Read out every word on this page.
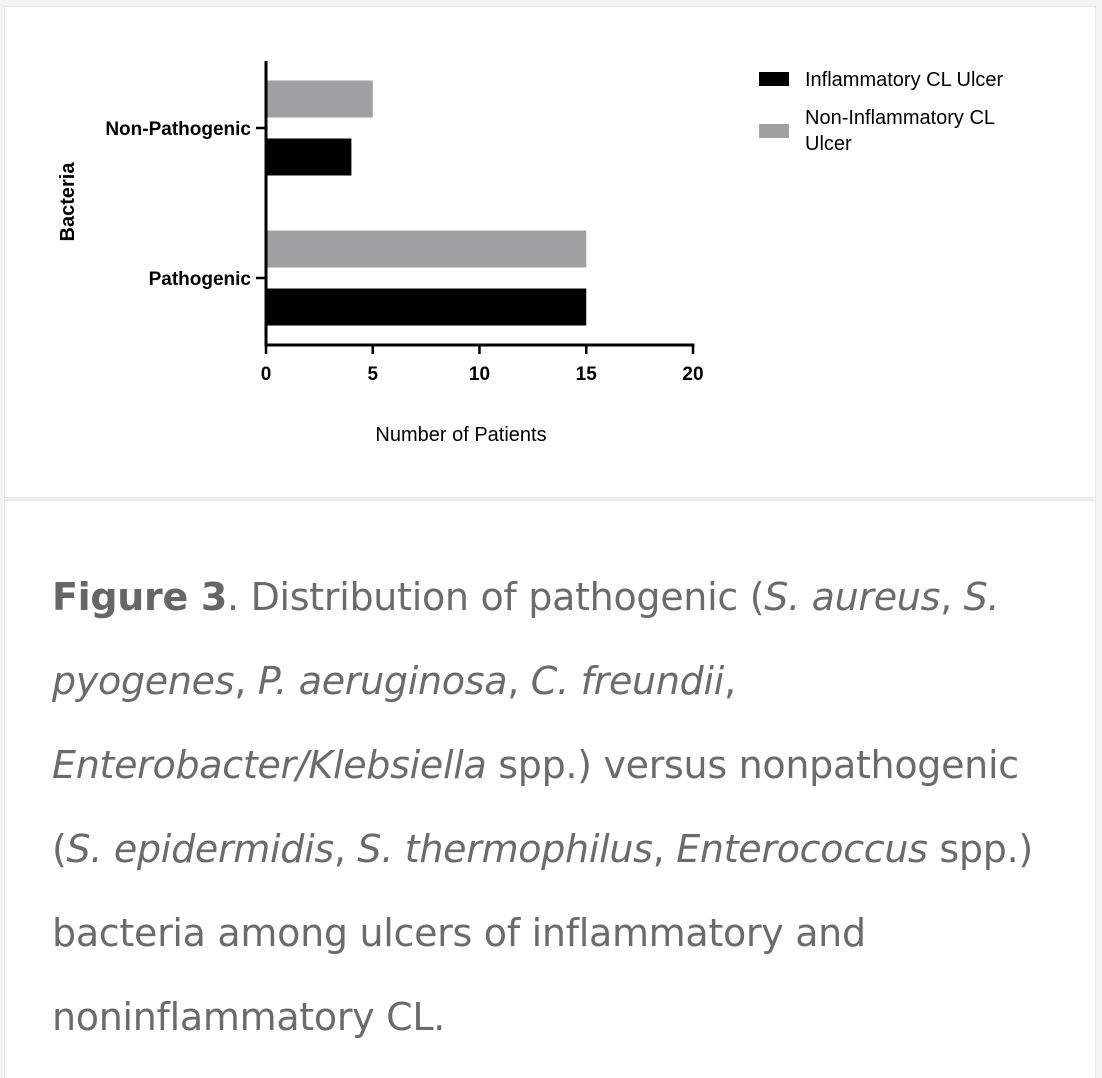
0	5	10	15	20
Pathogenic
Non-Pathogenic
Number of Patients
Bacteria
Inflammatory CL Ulcer
Non-Inflammatory CL
Ulcer

Figure 3. Distribution of pathogenic (S. aureus, S. pyogenes, P. aeruginosa, C. freundii, Enterobacter/Klebsiella spp.) versus nonpathogenic (S. epidermidis, S. thermophilus, Enterococcus spp.) bacteria among ulcers of inflammatory and noninflammatory CL.
